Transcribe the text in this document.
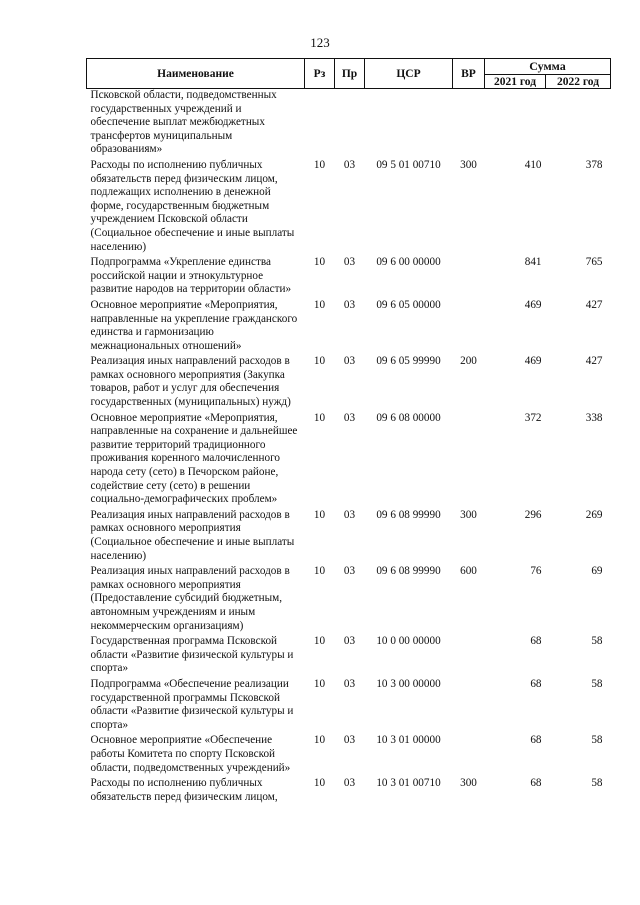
123
Наименование	Рз	Пр	ЦСР	ВР	Сумма	
					2021 год	2022 год
Псковской области, подведомственных государственных учреждений и обеспечение выплат межбюджетных трансфертов муниципальным образованиям»						
Расходы по исполнению публичных обязательств перед физическим лицом, подлежащих исполнению в денежной форме, государственным бюджетным учреждением Псковской области (Социальное обеспечение и иные выплаты населению)	10	03	09 5 01 00710	300	410	378
Подпрограмма «Укрепление единства российской нации и этнокультурное развитие народов на территории области»	10	03	09 6 00 00000		841	765
Основное мероприятие «Мероприятия, направленные на укрепление гражданского единства и гармонизацию межнациональных отношений»	10	03	09 6 05 00000		469	427
Реализация иных направлений расходов в рамках основного мероприятия (Закупка товаров, работ и услуг для обеспечения государственных (муниципальных) нужд)	10	03	09 6 05 99990	200	469	427
Основное мероприятие «Мероприятия, направленные на сохранение и дальнейшее развитие территорий традиционного проживания коренного малочисленного народа сету (сето) в Печорском районе, содействие сету (сето) в решении социально-демографических проблем»	10	03	09 6 08 00000		372	338
Реализация иных направлений расходов в рамках основного мероприятия (Социальное обеспечение и иные выплаты населению)	10	03	09 6 08 99990	300	296	269
Реализация иных направлений расходов в рамках основного мероприятия (Предоставление субсидий бюджетным, автономным учреждениям и иным некоммерческим организациям)	10	03	09 6 08 99990	600	76	69
Государственная программа Псковской области «Развитие физической культуры и спорта»	10	03	10 0 00 00000		68	58
Подпрограмма «Обеспечение реализации государственной программы Псковской области «Развитие физической культуры и спорта»	10	03	10 3 00 00000		68	58
Основное мероприятие «Обеспечение работы Комитета по спорту Псковской области, подведомственных учреждений»	10	03	10 3 01 00000		68	58
Расходы по исполнению публичных обязательств перед физическим лицом,	10	03	10 3 01 00710	300	68	58
